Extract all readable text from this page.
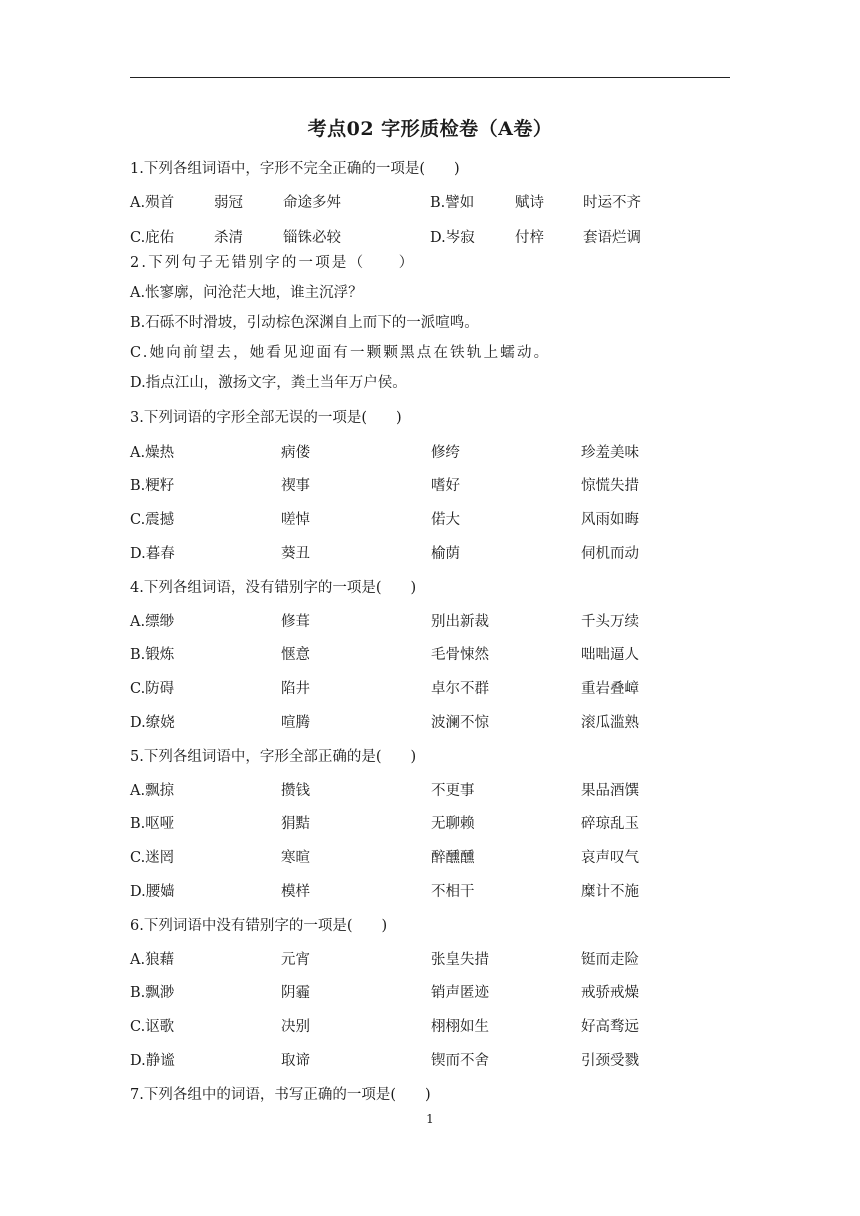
考点02 字形质检卷（A卷）
1.下列各组词语中，字形不完全正确的一项是(　　)
A.殒首	弱冠	命途多舛	B.譬如	赋诗	时运不齐
C.庇佑	杀清	锱铢必较	D.岑寂	付梓	套语烂调
2.下列句子无错别字的一项是（　　）
A.怅寥廓，问沧茫大地，谁主沉浮？
B.石砾不时滑坡，引动棕色深渊自上而下的一派喧鸣。
C.她向前望去，她看见迎面有一颗颗黑点在铁轨上蠕动。
D.指点江山，激扬文字，粪土当年万户侯。
3.下列词语的字形全部无误的一项是(　　)
A.燥热	病偻	修绔	珍羞美味
B.粳籽	禊事	嗜好	惊慌失措
C.震撼	嗟悼	偌大	风雨如晦
D.暮春	葵丑	榆荫	伺机而动
4.下列各组词语，没有错别字的一项是(　　)
A.缥缈	修葺	别出新裁	千头万续
B.锻炼	惬意	毛骨悚然	咄咄逼人
C.防碍	陷井	卓尔不群	重岩叠嶂
D.缭娆	喧腾	波澜不惊	滚瓜滥熟
5.下列各组词语中，字形全部正确的是(　　)
A.飘掠	攒钱	不更事	果品酒馔
B.呕哑	狷黠	无聊赖	碎琼乱玉
C.迷罔	寒暄	醉醺醺	哀声叹气
D.腰嫱	模样	不相干	糜计不施
6.下列词语中没有错别字的一项是(　　)
A.狼藉	元宵	张皇失措	铤而走险
B.飘渺	阴霾	销声匿迹	戒骄戒燥
C.讴歌	决别	栩栩如生	好高骛远
D.静谧	取谛	锲而不舍	引颈受戮
7.下列各组中的词语，书写正确的一项是(　　)
1
